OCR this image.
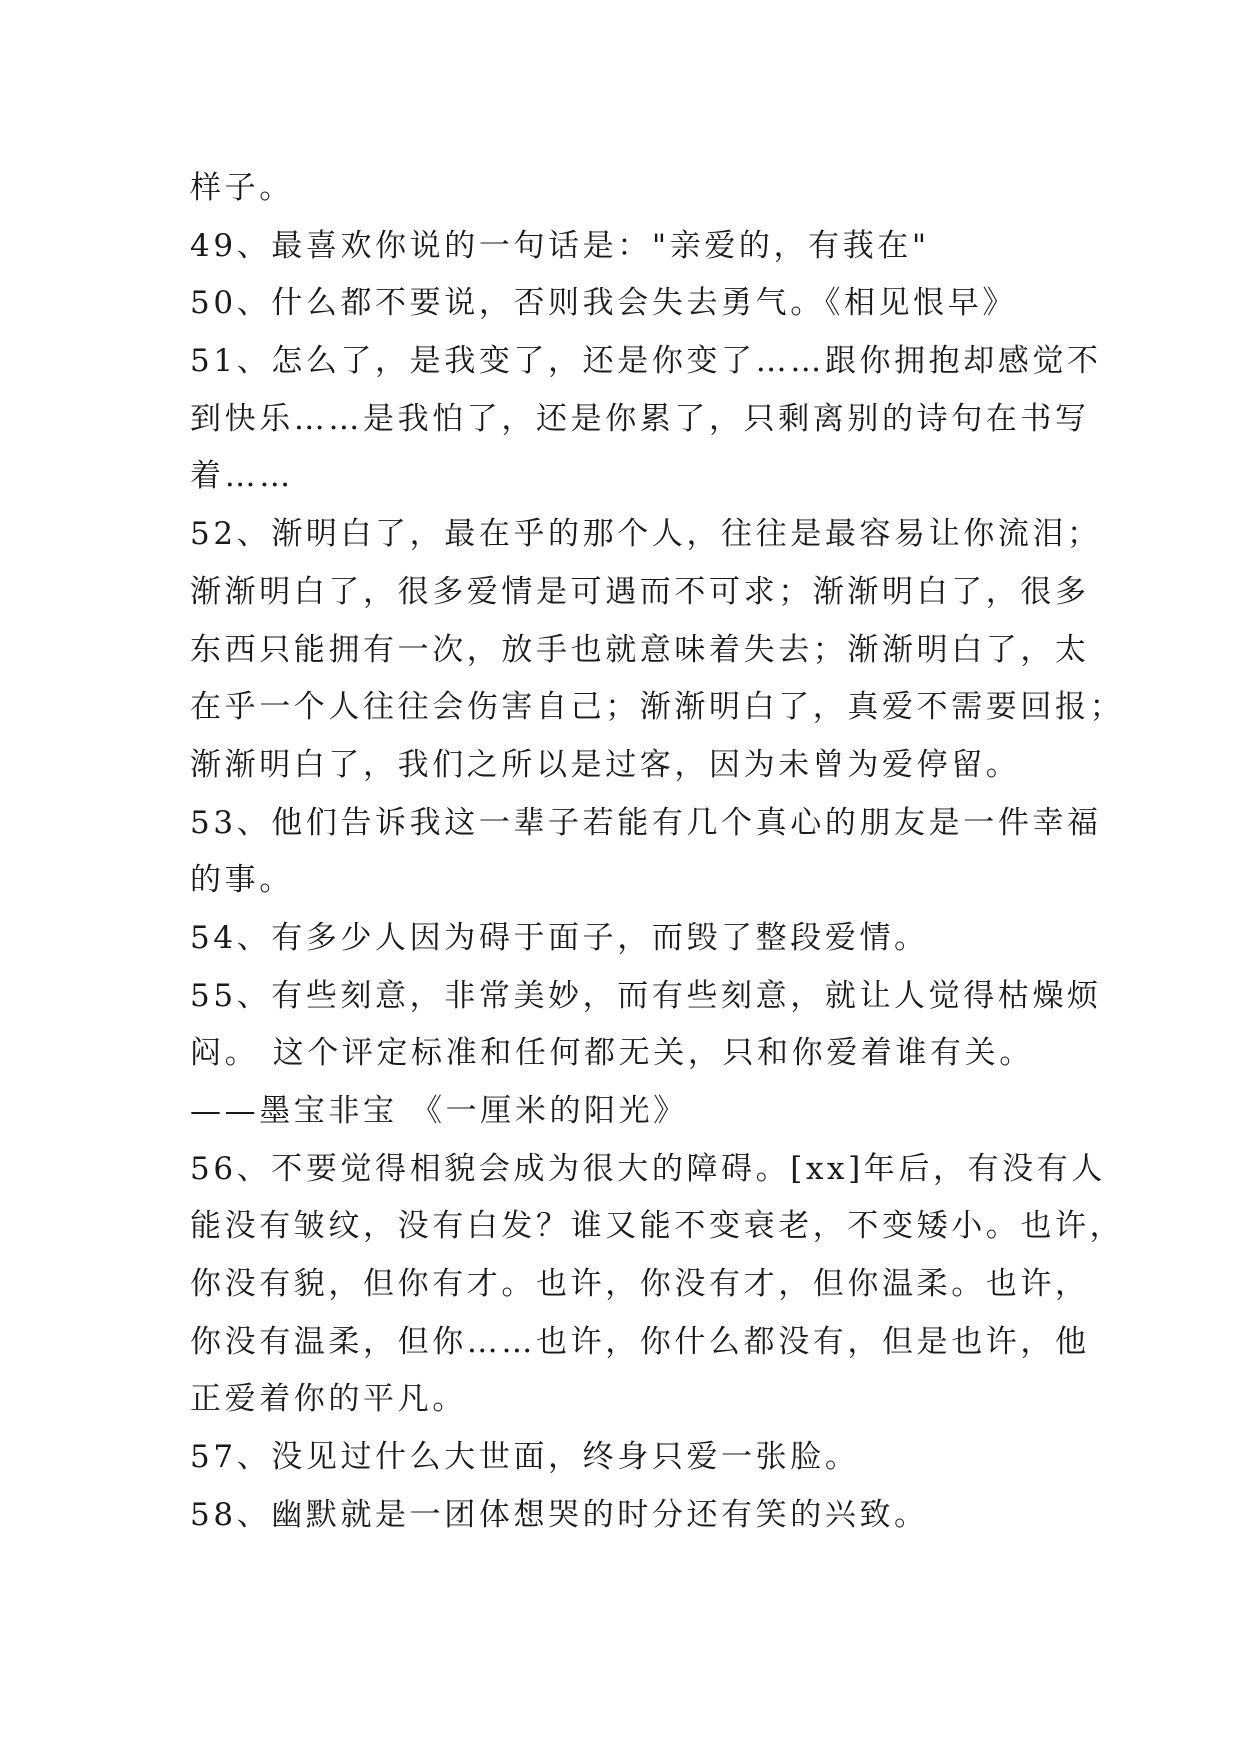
样子。

49、最喜欢你说的一句话是："亲爱的，有莪在"

50、什么都不要说，否则我会失去勇气。《相见恨早》

51、怎么了，是我变了，还是你变了……跟你拥抱却感觉不

到快乐……是我怕了，还是你累了，只剩离别的诗句在书写

着……

52、渐明白了，最在乎的那个人，往往是最容易让你流泪；

渐渐明白了，很多爱情是可遇而不可求；渐渐明白了，很多

东西只能拥有一次，放手也就意味着失去；渐渐明白了，太

在乎一个人往往会伤害自己；渐渐明白了，真爱不需要回报；

渐渐明白了，我们之所以是过客，因为未曾为爱停留。

53、他们告诉我这一辈子若能有几个真心的朋友是一件幸福

的事。

54、有多少人因为碍于面子，而毁了整段爱情。

55、有些刻意，非常美妙，而有些刻意，就让人觉得枯燥烦

闷。 这个评定标准和任何都无关，只和你爱着谁有关。

——墨宝非宝 《一厘米的阳光》

56、不要觉得相貌会成为很大的障碍。[xx]年后，有没有人

能没有皱纹，没有白发？谁又能不变衰老，不变矮小。也许，

你没有貌，但你有才。也许，你没有才，但你温柔。也许，

你没有温柔，但你……也许，你什么都没有，但是也许，他

正爱着你的平凡。

57、没见过什么大世面，终身只爱一张脸。

58、幽默就是一团体想哭的时分还有笑的兴致。
